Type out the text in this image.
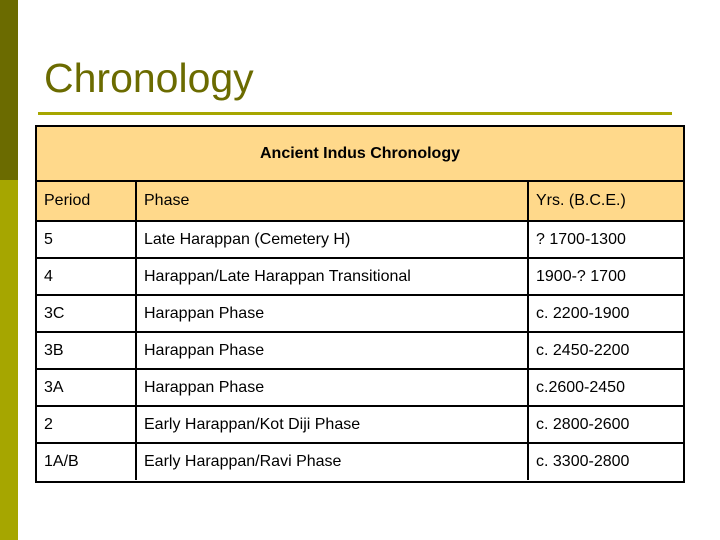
Chronology
Ancient Indus Chronology
Period	Phase	Yrs. (B.C.E.)
5	Late Harappan (Cemetery H)	? 1700-1300
4	Harappan/Late Harappan Transitional	1900-? 1700
3C	Harappan Phase	c. 2200-1900
3B	Harappan Phase	c. 2450-2200
3A	Harappan Phase	c.2600-2450
2	Early Harappan/Kot Diji Phase	c. 2800-2600
1A/B	Early Harappan/Ravi Phase	c. 3300-2800
